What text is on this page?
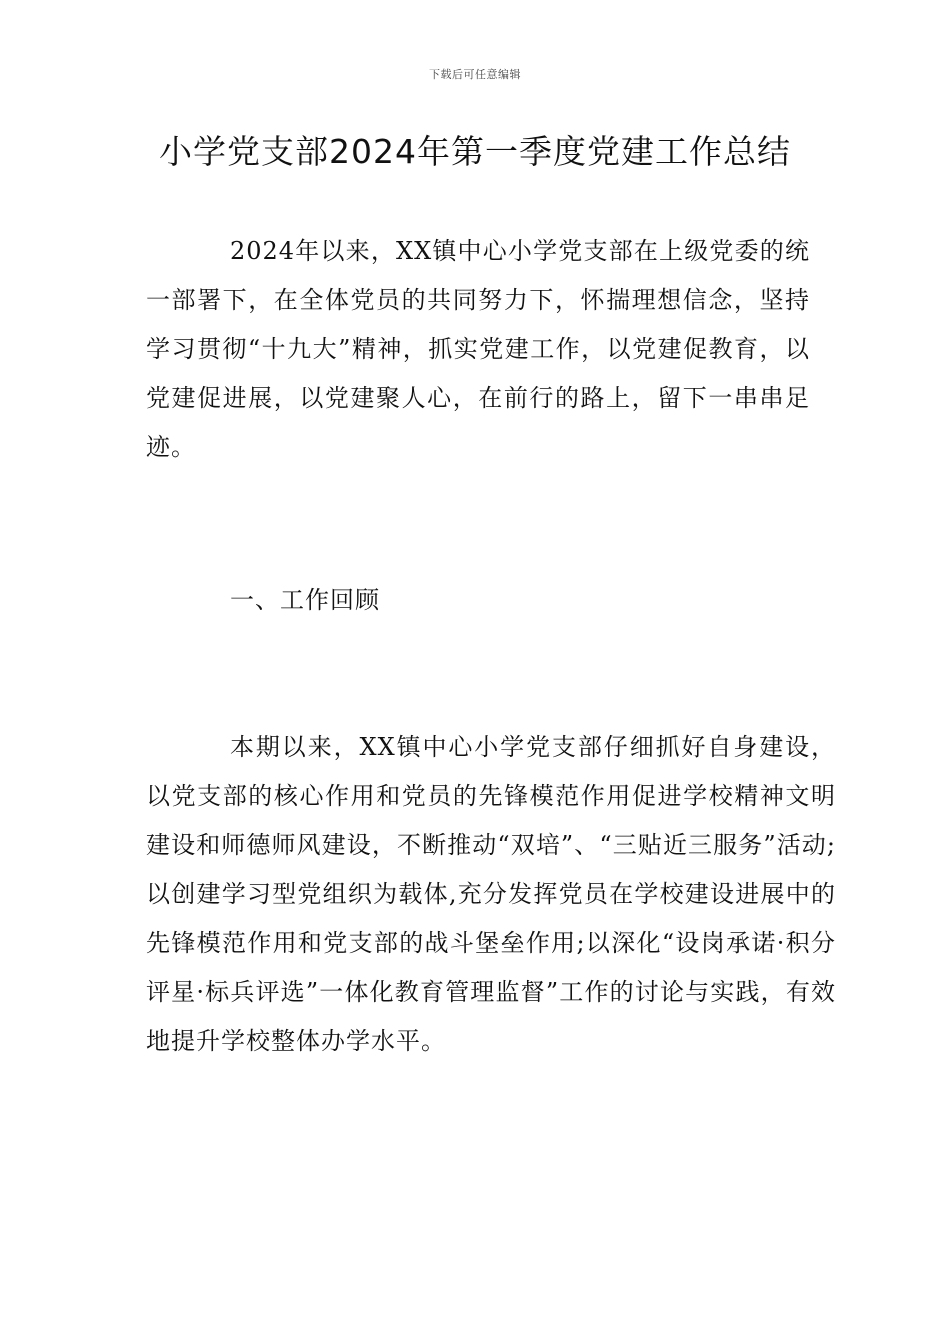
下载后可任意编辑
小学党支部2024年第一季度党建工作总结

2024年以来，XX镇中心小学党支部在上级党委的统一部署下，在全体党员的共同努力下，怀揣理想信念，坚持学习贯彻“十九大”精神，抓实党建工作，以党建促教育，以党建促进展，以党建聚人心，在前行的路上，留下一串串足迹。

一、工作回顾

本期以来，XX镇中心小学党支部仔细抓好自身建设，以党支部的核心作用和党员的先锋模范作用促进学校精神文明建设和师德师风建设，不断推动“双培”、“三贴近三服务”活动;以创建学习型党组织为载体,充分发挥党员在学校建设进展中的先锋模范作用和党支部的战斗堡垒作用;以深化“设岗承诺·积分评星·标兵评选”一体化教育管理监督”工作的讨论与实践，有效地提升学校整体办学水平。
